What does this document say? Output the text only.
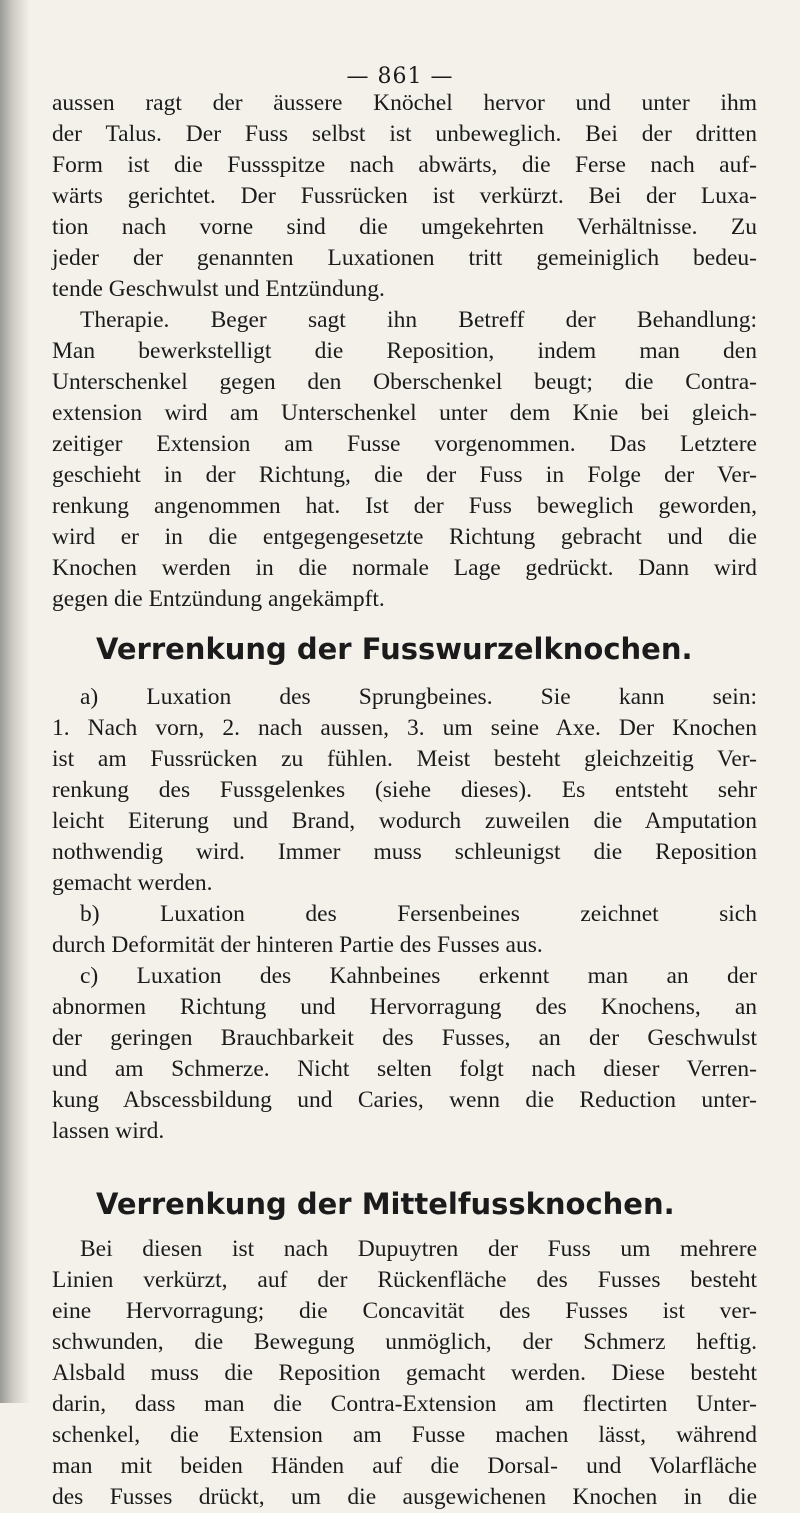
— 861 —
aussen ragt der äussere Knöchel hervor und unter ihm
der Talus. Der Fuss selbst ist unbeweglich. Bei der dritten
Form ist die Fussspitze nach abwärts, die Ferse nach auf-
wärts gerichtet. Der Fussrücken ist verkürzt. Bei der Luxa-
tion nach vorne sind die umgekehrten Verhältnisse. Zu
jeder der genannten Luxationen tritt gemeiniglich bedeu-
tende Geschwulst und Entzündung.
Therapie. Beger sagt ihn Betreff der Behandlung:
Man bewerkstelligt die Reposition, indem man den
Unterschenkel gegen den Oberschenkel beugt; die Contra-
extension wird am Unterschenkel unter dem Knie bei gleich-
zeitiger Extension am Fusse vorgenommen. Das Letztere
geschieht in der Richtung, die der Fuss in Folge der Ver-
renkung angenommen hat. Ist der Fuss beweglich geworden,
wird er in die entgegengesetzte Richtung gebracht und die
Knochen werden in die normale Lage gedrückt. Dann wird
gegen die Entzündung angekämpft.
Verrenkung der Fusswurzelknochen.
a) Luxation des Sprungbeines. Sie kann sein:
1. Nach vorn, 2. nach aussen, 3. um seine Axe. Der Knochen
ist am Fussrücken zu fühlen. Meist besteht gleichzeitig Ver-
renkung des Fussgelenkes (siehe dieses). Es entsteht sehr
leicht Eiterung und Brand, wodurch zuweilen die Amputation
nothwendig wird. Immer muss schleunigst die Reposition
gemacht werden.
b) Luxation des Fersenbeines zeichnet sich
durch Deformität der hinteren Partie des Fusses aus.
c) Luxation des Kahnbeines erkennt man an der
abnormen Richtung und Hervorragung des Knochens, an
der geringen Brauchbarkeit des Fusses, an der Geschwulst
und am Schmerze. Nicht selten folgt nach dieser Verren-
kung Abscessbildung und Caries, wenn die Reduction unter-
lassen wird.
Verrenkung der Mittelfussknochen.
Bei diesen ist nach Dupuytren der Fuss um mehrere
Linien verkürzt, auf der Rückenfläche des Fusses besteht
eine Hervorragung; die Concavität des Fusses ist ver-
schwunden, die Bewegung unmöglich, der Schmerz heftig.
Alsbald muss die Reposition gemacht werden. Diese besteht
darin, dass man die Contra-Extension am flectirten Unter-
schenkel, die Extension am Fusse machen lässt, während
man mit beiden Händen auf die Dorsal- und Volarfläche
des Fusses drückt, um die ausgewichenen Knochen in die
